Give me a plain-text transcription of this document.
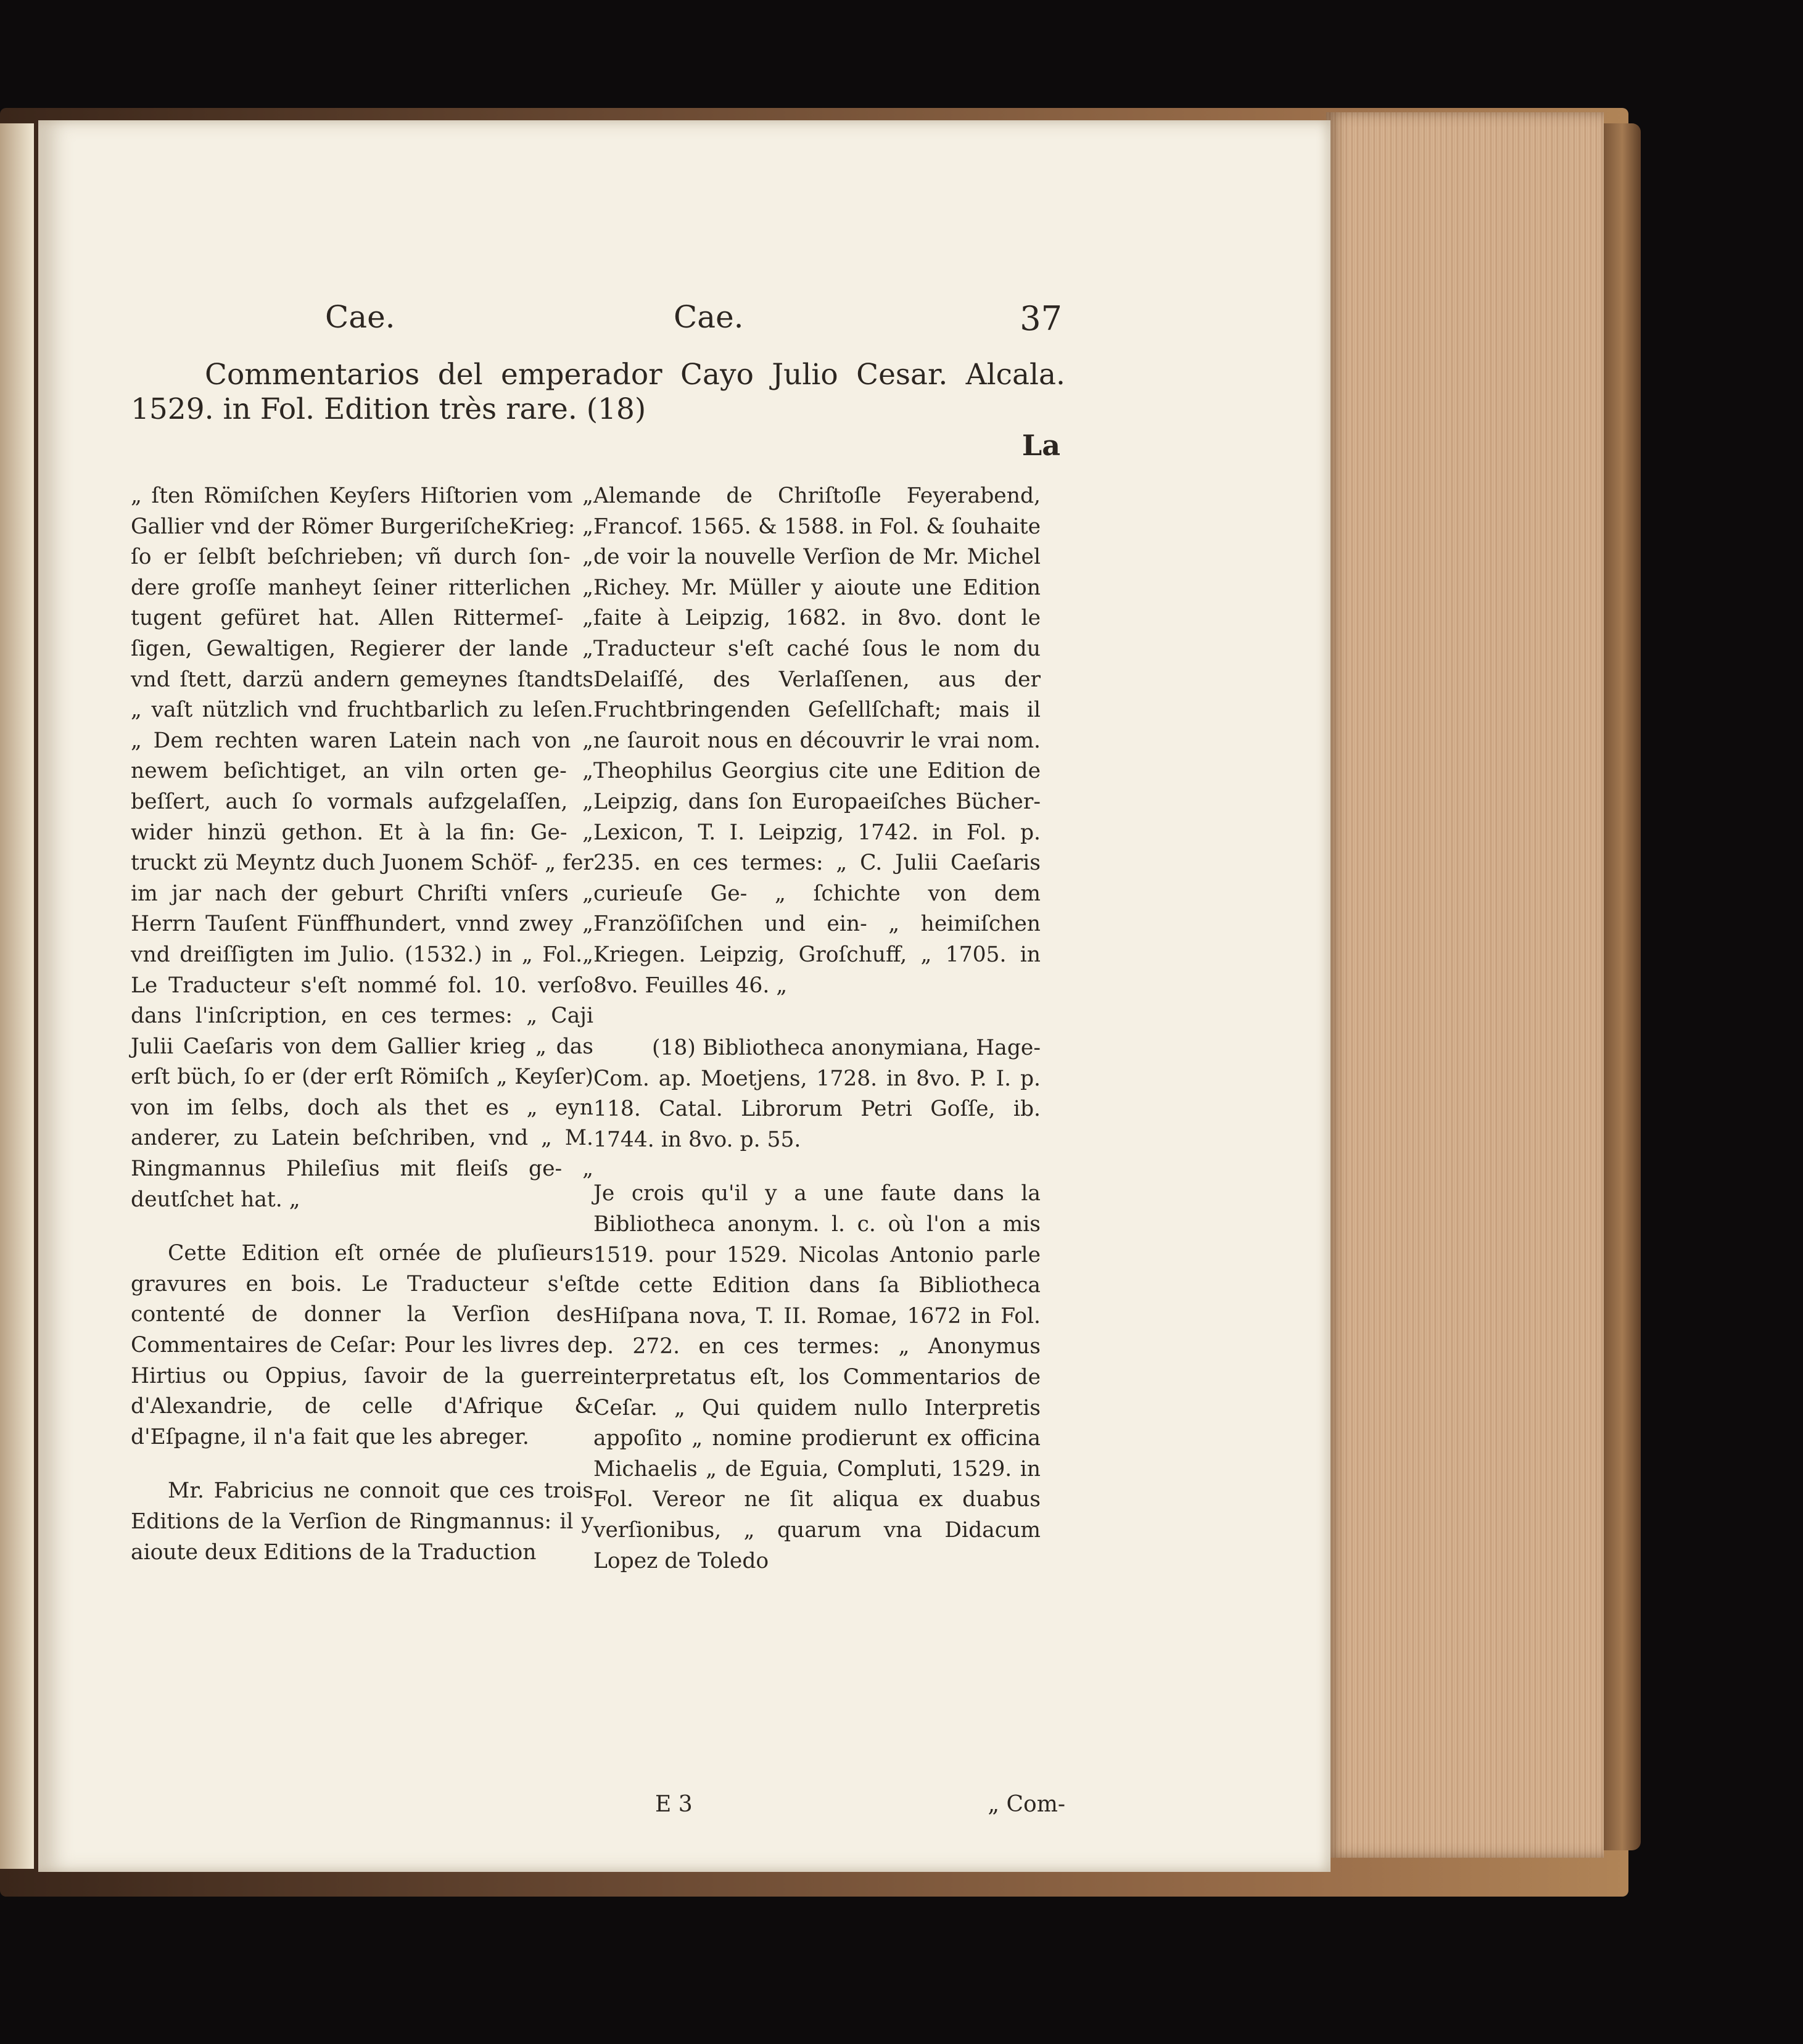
Cae.	Cae.	37
Commentarios del emperador Cayo Julio Cesar. Alcala.
1529. in Fol. Edition très rare. (18)
La

„ ſten Römiſchen Keyſers Hiſtorien vom „ Gallier vnd der Römer BurgeriſcheKrieg: „ ſo er ſelbſt beſchrieben; vñ durch ſon- „ dere groſſe manheyt ſeiner ritterlichen „ tugent gefüret hat. Allen Rittermeſ- „ ſigen, Gewaltigen, Regierer der lande „ vnd ſtett, darzü andern gemeynes ſtandts „ vaſt nützlich vnd fruchtbarlich zu leſen. „ Dem rechten waren Latein nach von „ newem beſichtiget, an viln orten ge- „ beſſert, auch ſo vormals aufzgelaſſen, „ wider hinzü gethon. Et à la fin: Ge- „ truckt zü Meyntz duch Juonem Schöf- „ fer im jar nach der geburt Chriſti vnſers „ Herrn Tauſent Fünffhundert, vnnd zwey „ vnd dreiſſigten im Julio. (1532.) in „ Fol.„ Le Traducteur s'eſt nommé fol. 10. verſo dans l'inſcription, en ces termes: „ Caji Julii Caeſaris von dem Gallier krieg „ das erſt büch, ſo er (der erſt Römiſch „ Keyſer) von im ſelbs, doch als thet es „ eyn anderer, zu Latein beſchriben, vnd „ M. Ringmannus Phileſius mit fleiſs ge- „ deutſchet hat. „

Cette Edition eſt ornée de pluſieurs gravures en bois. Le Traducteur s'eſt contenté de donner la Verſion des Commentaires de Ceſar: Pour les livres de Hirtius ou Oppius, ſavoir de la guerre d'Alexandrie, de celle d'Afrique & d'Eſpagne, il n'a fait que les abreger.

Mr. Fabricius ne connoit que ces trois Editions de la Verſion de Ringmannus: il y aioute deux Editions de la Traduction

Alemande de Chriſtoſle Feyerabend, Francof. 1565. & 1588. in Fol. & ſouhaite de voir la nouvelle Verſion de Mr. Michel Richey. Mr. Müller y aioute une Edition faite à Leipzig, 1682. in 8vo. dont le Traducteur s'eſt caché ſous le nom du Delaiſſé, des Verlaſſenen, aus der Fruchtbringenden Geſellſchaft; mais il ne ſauroit nous en découvrir le vrai nom. Theophilus Georgius cite une Edition de Leipzig, dans ſon Europaeiſches Bücher-Lexicon, T. I. Leipzig, 1742. in Fol. p. 235. en ces termes: „ C. Julii Caeſaris curieuſe Ge- „ ſchichte von dem Franzöſiſchen und ein- „ heimiſchen Kriegen. Leipzig, Groſchuff, „ 1705. in 8vo. Feuilles 46. „

(18) Bibliotheca anonymiana, Hage-Com. ap. Moetjens, 1728. in 8vo. P. I. p. 118. Catal. Librorum Petri Goſſe, ib. 1744. in 8vo. p. 55.

Je crois qu'il y a une faute dans la Bibliotheca anonym. l. c. où l'on a mis 1519. pour 1529. Nicolas Antonio parle de cette Edition dans ſa Bibliotheca Hiſpana nova, T. II. Romae, 1672 in Fol. p. 272. en ces termes: „ Anonymus interpretatus eſt, los Commentarios de Ceſar. „ Qui quidem nullo Interpretis appoſito „ nomine prodierunt ex officina Michaelis „ de Eguia, Compluti, 1529. in Fol. Vereor ne ſit aliqua ex duabus verſionibus, „ quarum vna Didacum Lopez de Toledo

E 3	„ Com-
